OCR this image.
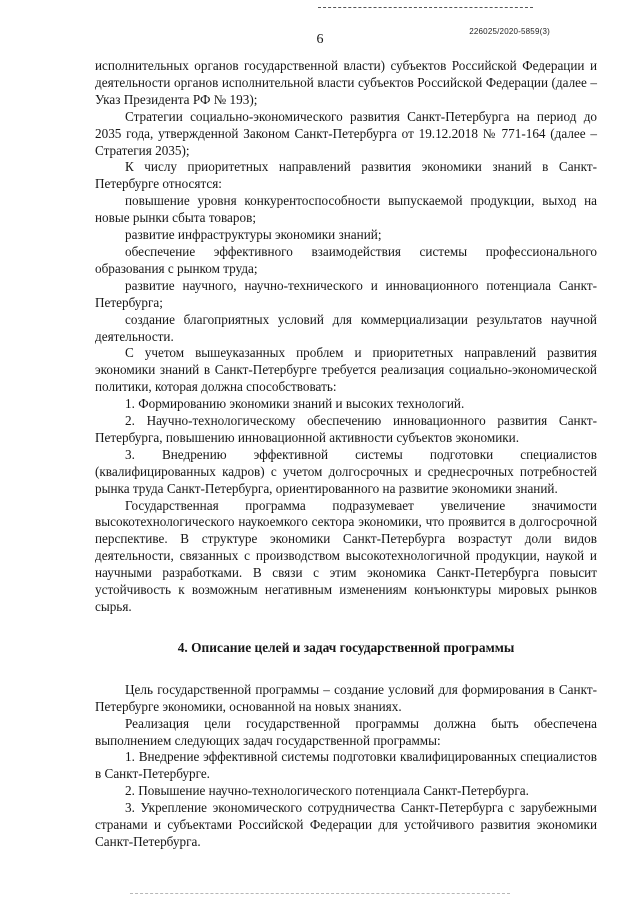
226025/2020-5859(3)
6

исполнительных органов государственной власти) субъектов Российской Федерации и деятельности органов исполнительной власти субъектов Российской Федерации (далее – Указ Президента РФ № 193);

Стратегии социально-экономического развития Санкт-Петербурга на период до 2035 года, утвержденной Законом Санкт-Петербурга от 19.12.2018 № 771-164 (далее – Стратегия 2035);

К числу приоритетных направлений развития экономики знаний в Санкт-Петербурге относятся:

повышение уровня конкурентоспособности выпускаемой продукции, выход на новые рынки сбыта товаров;

развитие инфраструктуры экономики знаний;

обеспечение эффективного взаимодействия системы профессионального образования с рынком труда;

развитие научного, научно-технического и инновационного потенциала Санкт-Петербурга;

создание благоприятных условий для коммерциализации результатов научной деятельности.

С учетом вышеуказанных проблем и приоритетных направлений развития экономики знаний в Санкт-Петербурге требуется реализация социально-экономической политики, которая должна способствовать:

1. Формированию экономики знаний и высоких технологий.

2. Научно-технологическому обеспечению инновационного развития Санкт-Петербурга, повышению инновационной активности субъектов экономики.

3. Внедрению эффективной системы подготовки специалистов (квалифицированных кадров) с учетом долгосрочных и среднесрочных потребностей рынка труда Санкт-Петербурга, ориентированного на развитие экономики знаний.

Государственная программа подразумевает увеличение значимости высокотехнологического наукоемкого сектора экономики, что проявится в долгосрочной перспективе. В структуре экономики Санкт-Петербурга возрастут доли видов деятельности, связанных с производством высокотехнологичной продукции, наукой и научными разработками. В связи с этим экономика Санкт-Петербурга повысит устойчивость к возможным негативным изменениям конъюнктуры мировых рынков сырья.

4. Описание целей и задач государственной программы

Цель государственной программы – создание условий для формирования в Санкт-Петербурге экономики, основанной на новых знаниях.

Реализация цели государственной программы должна быть обеспечена выполнением следующих задач государственной программы:

1. Внедрение эффективной системы подготовки квалифицированных специалистов в Санкт-Петербурге.

2. Повышение научно-технологического потенциала Санкт-Петербурга.

3. Укрепление экономического сотрудничества Санкт-Петербурга с зарубежными странами и субъектами Российской Федерации для устойчивого развития экономики Санкт-Петербурга.
